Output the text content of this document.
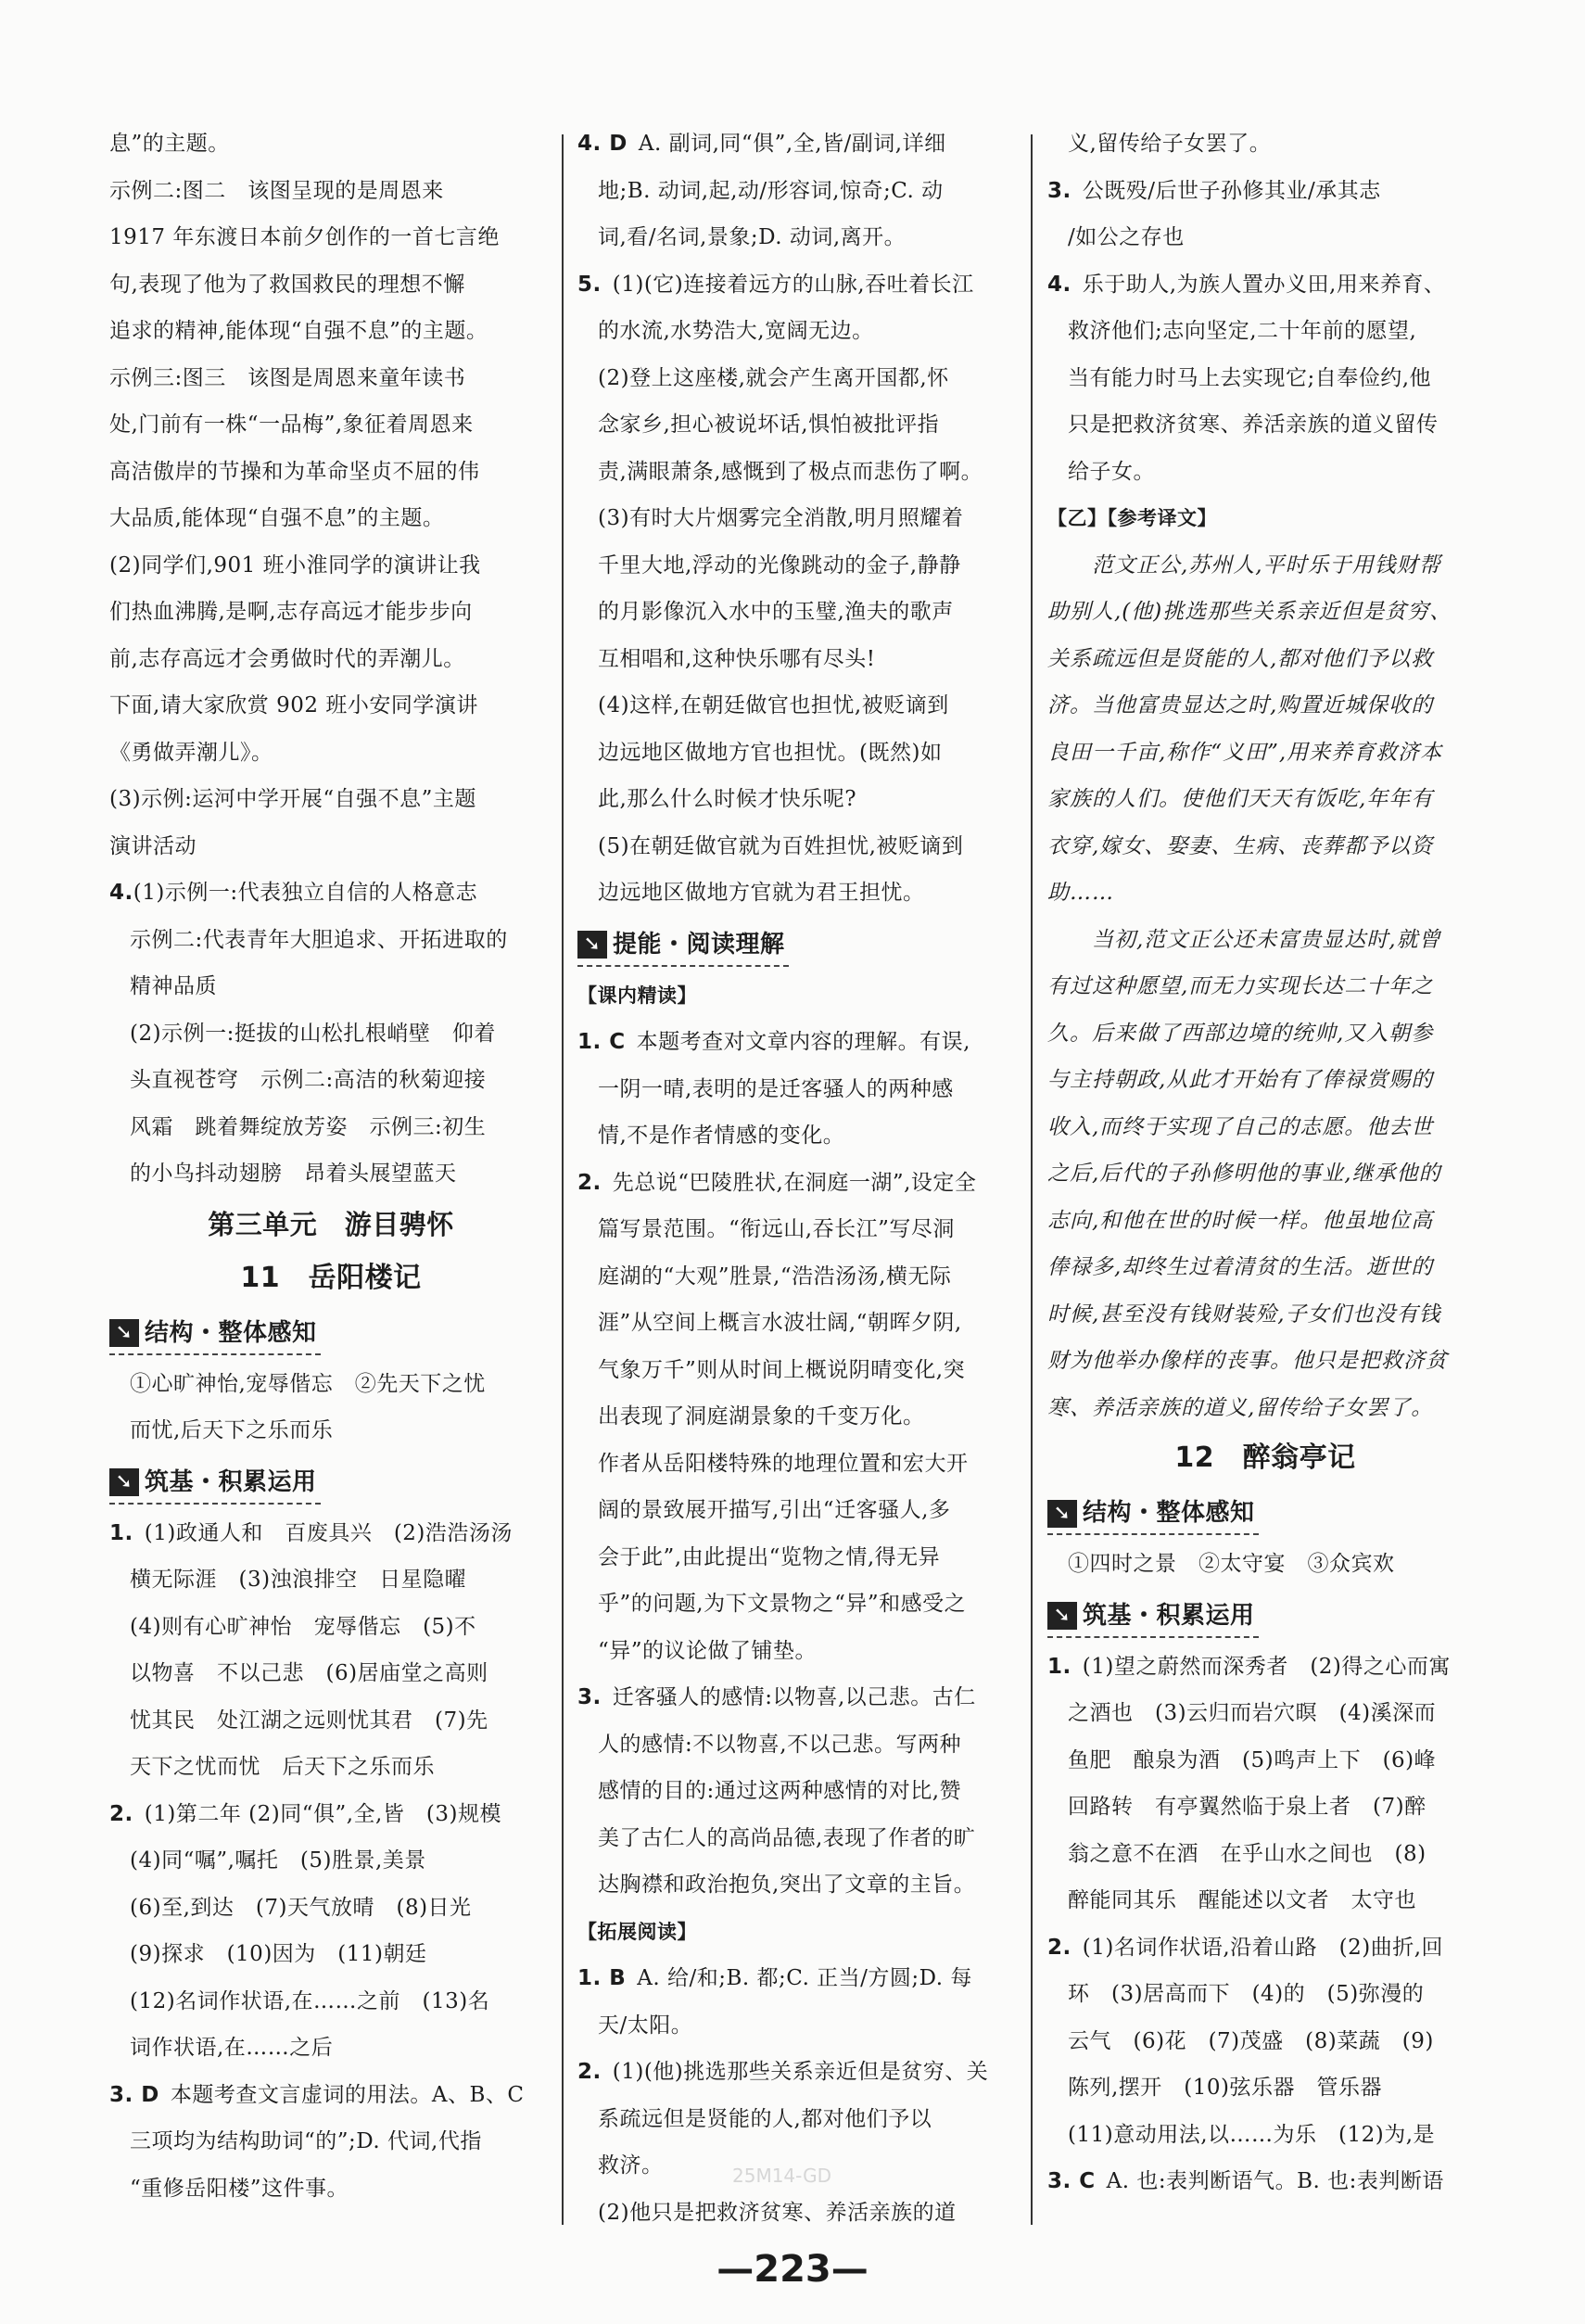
息”的主题。

示例二:图二　该图呈现的是周恩来

1917 年东渡日本前夕创作的一首七言绝

句,表现了他为了救国救民的理想不懈

追求的精神,能体现“自强不息”的主题。

示例三:图三　该图是周恩来童年读书

处,门前有一株“一品梅”,象征着周恩来

高洁傲岸的节操和为革命坚贞不屈的伟

大品质,能体现“自强不息”的主题。

(2)同学们,901 班小淮同学的演讲让我

们热血沸腾,是啊,志存高远才能步步向

前,志存高远才会勇做时代的弄潮儿。

下面,请大家欣赏 902 班小安同学演讲

《勇做弄潮儿》。

(3)示例:运河中学开展“自强不息”主题

演讲活动

4.(1)示例一:代表独立自信的人格意志

示例二:代表青年大胆追求、开拓进取的

精神品质

(2)示例一:挺拔的山松扎根峭壁　仰着

头直视苍穹　示例二:高洁的秋菊迎接

风霜　跳着舞绽放芳姿　示例三:初生

的小鸟抖动翅膀　昂着头展望蓝天

第三单元　游目骋怀
11　岳阳楼记
➘ 结构・整体感知

①心旷神怡,宠辱偕忘　②先天下之忧

而忧,后天下之乐而乐

➘ 筑基・积累运用

1.  (1)政通人和　百废具兴　(2)浩浩汤汤

横无际涯　(3)浊浪排空　日星隐曜

(4)则有心旷神怡　宠辱偕忘　(5)不

以物喜　不以己悲　(6)居庙堂之高则

忧其民　处江湖之远则忧其君　(7)先

天下之忧而忧　后天下之乐而乐

2.  (1)第二年 (2)同“俱”,全,皆　(3)规模

(4)同“嘱”,嘱托　(5)胜景,美景

(6)至,到达　(7)天气放晴　(8)日光

(9)探求　(10)因为　(11)朝廷

(12)名词作状语,在……之前　(13)名

词作状语,在……之后

3. D  本题考查文言虚词的用法。A、B、C

三项均为结构助词“的”;D. 代词,代指

“重修岳阳楼”这件事。

4. D  A. 副词,同“俱”,全,皆/副词,详细

地;B. 动词,起,动/形容词,惊奇;C. 动

词,看/名词,景象;D. 动词,离开。

5.  (1)(它)连接着远方的山脉,吞吐着长江

的水流,水势浩大,宽阔无边。

(2)登上这座楼,就会产生离开国都,怀

念家乡,担心被说坏话,惧怕被批评指

责,满眼萧条,感慨到了极点而悲伤了啊。

(3)有时大片烟雾完全消散,明月照耀着

千里大地,浮动的光像跳动的金子,静静

的月影像沉入水中的玉璧,渔夫的歌声

互相唱和,这种快乐哪有尽头!

(4)这样,在朝廷做官也担忧,被贬谪到

边远地区做地方官也担忧。(既然)如

此,那么什么时候才快乐呢?

(5)在朝廷做官就为百姓担忧,被贬谪到

边远地区做地方官就为君王担忧。

➘ 提能・阅读理解
【课内精读】

1. C  本题考查对文章内容的理解。有误,

一阴一晴,表明的是迁客骚人的两种感

情,不是作者情感的变化。

2.  先总说“巴陵胜状,在洞庭一湖”,设定全

篇写景范围。“衔远山,吞长江”写尽洞

庭湖的“大观”胜景,“浩浩汤汤,横无际

涯”从空间上概言水波壮阔,“朝晖夕阴,

气象万千”则从时间上概说阴晴变化,突

出表现了洞庭湖景象的千变万化。

作者从岳阳楼特殊的地理位置和宏大开

阔的景致展开描写,引出“迁客骚人,多

会于此”,由此提出“览物之情,得无异

乎”的问题,为下文景物之“异”和感受之

“异”的议论做了铺垫。

3.  迁客骚人的感情:以物喜,以己悲。古仁

人的感情:不以物喜,不以己悲。写两种

感情的目的:通过这两种感情的对比,赞

美了古仁人的高尚品德,表现了作者的旷

达胸襟和政治抱负,突出了文章的主旨。

【拓展阅读】

1. B  A. 给/和;B. 都;C. 正当/方圆;D. 每

天/太阳。

2.  (1)(他)挑选那些关系亲近但是贫穷、关

系疏远但是贤能的人,都对他们予以

救济。

(2)他只是把救济贫寒、养活亲族的道

义,留传给子女罢了。

3.  公既殁/后世子孙修其业/承其志

/如公之存也

4.  乐于助人,为族人置办义田,用来养育、

救济他们;志向坚定,二十年前的愿望,

当有能力时马上去实现它;自奉俭约,他

只是把救济贫寒、养活亲族的道义留传

给子女。

【乙】【参考译文】

　　范文正公,苏州人,平时乐于用钱财帮

助别人,(他)挑选那些关系亲近但是贫穷、

关系疏远但是贤能的人,都对他们予以救

济。当他富贵显达之时,购置近城保收的

良田一千亩,称作“义田”,用来养育救济本

家族的人们。使他们天天有饭吃,年年有

衣穿,嫁女、娶妻、生病、丧葬都予以资

助……

　　当初,范文正公还未富贵显达时,就曾

有过这种愿望,而无力实现长达二十年之

久。后来做了西部边境的统帅,又入朝参

与主持朝政,从此才开始有了俸禄赏赐的

收入,而终于实现了自己的志愿。他去世

之后,后代的子孙修明他的事业,继承他的

志向,和他在世的时候一样。他虽地位高

俸禄多,却终生过着清贫的生活。逝世的

时候,甚至没有钱财装殓,子女们也没有钱

财为他举办像样的丧事。他只是把救济贫

寒、养活亲族的道义,留传给子女罢了。

12　醉翁亭记
➘ 结构・整体感知

①四时之景　②太守宴　③众宾欢

➘ 筑基・积累运用

1.  (1)望之蔚然而深秀者　(2)得之心而寓

之酒也　(3)云归而岩穴暝　(4)溪深而

鱼肥　酿泉为酒　(5)鸣声上下　(6)峰

回路转　有亭翼然临于泉上者　(7)醉

翁之意不在酒　在乎山水之间也　(8)

醉能同其乐　醒能述以文者　太守也

2.  (1)名词作状语,沿着山路　(2)曲折,回

环　(3)居高而下　(4)的　(5)弥漫的

云气　(6)花　(7)茂盛　(8)菜蔬　(9)

陈列,摆开　(10)弦乐器　管乐器

(11)意动用法,以……为乐　(12)为,是

3. C  A. 也:表判断语气。B. 也:表判断语

25M14-GD
—223—
